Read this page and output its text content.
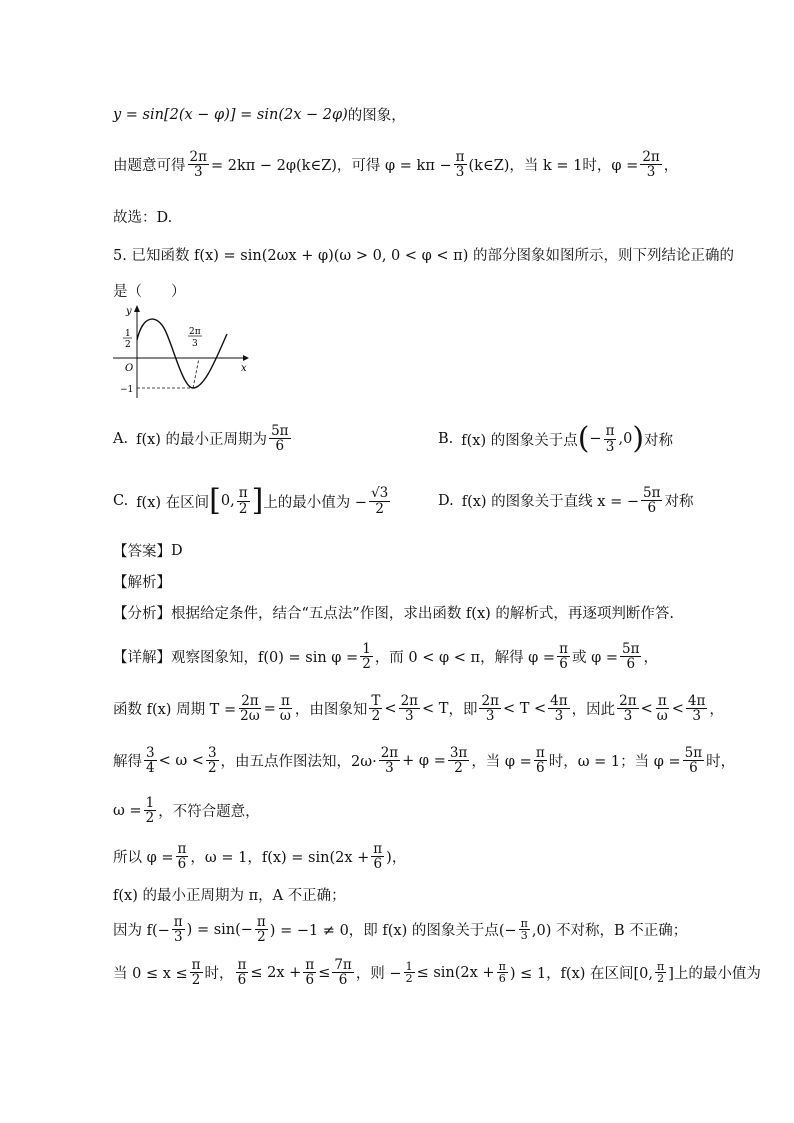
y = sin[2(x − φ)] = sin(2x − 2φ) 的图象，
由题意可得 $\frac{2\pi}{3} = 2k\pi$ − 2φ(k∈Z)，可得 $\varphi = k\pi - \frac{\pi}{3}$ (k∈Z)，当 k = 1时，$\varphi = \frac{2\pi}{3}$ ，
故选：D.
5. 已知函数 f(x) = sin(2ωx + φ)(ω > 0, 0 < φ < π) 的部分图象如图所示，则下列结论正确的
是（　　）
y
x
O
1
2
−1
2π
3
A. f(x) 的最小正周期为 $\frac{5\pi}{6}$	B. f(x) 的图象关于点 ( − $\frac{\pi}{3} ,0$ ) 对称
C. f(x) 在区间 [ 0, $\frac{\pi}{2}$ ] 上的最小值为 − $\frac{√3}{2}$	D. f(x) 的图象关于直线 x = − $\frac{5\pi}{6}$ 对称
【答案】 D
【解析】
【分析】 根据给定条件，结合“五点法”作图，求出函数 f(x) 的解析式，再逐项判断作答.
【详解】 观察图象知，$f(0) = \sin \varphi = \frac{1}{2}$ ，而 0 < φ < π，解得 $\varphi = \frac{\pi}{6}$ 或 $\varphi = \frac{5\pi}{6}$ ，
函数 f(x) 周期 $T = \frac{2\pi}{2\omega} = \frac{\pi}{\omega}$ ，由图象知 $\frac{T}{2} < \frac{2\pi}{3} < T$ ，即 $\frac{2\pi}{3} < T < \frac{4\pi}{3}$ ，因此 $\frac{2\pi}{3} < \frac{\pi}{\omega} < \frac{4\pi}{3}$ ，
解得 $\frac{3}{4} < \omega < \frac{3}{2}$ ，由五点作图法知，$2\omega\cdot \frac{2\pi}{3} + \varphi = \frac{3\pi}{2}$ ，当 $\varphi = \frac{\pi}{6}$ 时，ω = 1；当 $\varphi = \frac{5\pi}{6}$ 时，
$\omega = \frac{1}{2}$ ，不符合题意，
所以 $\varphi = \frac{\pi}{6}$ ，ω = 1，$f(x) = \sin(2x + \frac{\pi}{6}$ )，
f(x) 的最小正周期为 π，A 不正确；
因为 $f(- \frac{\pi}{3}$ ) = $\sin(- \frac{\pi}{2}$ ) = −1 ≠ 0，即 f(x) 的图象关于点(− $\frac{\pi}{3} ,0$) 不对称，B 不正确；
当 $0 \le x \le \frac{\pi}{2}$ 时， $\frac{\pi}{6} \le 2x + \frac{\pi}{6} \le \frac{7\pi}{6}$ ，则 − $\frac{1}{2} \le \sin(2x + \frac{\pi}{6}$ ) ≤ 1，f(x) 在区间[0, $\frac{\pi}{2}$ ]上的最小值为
